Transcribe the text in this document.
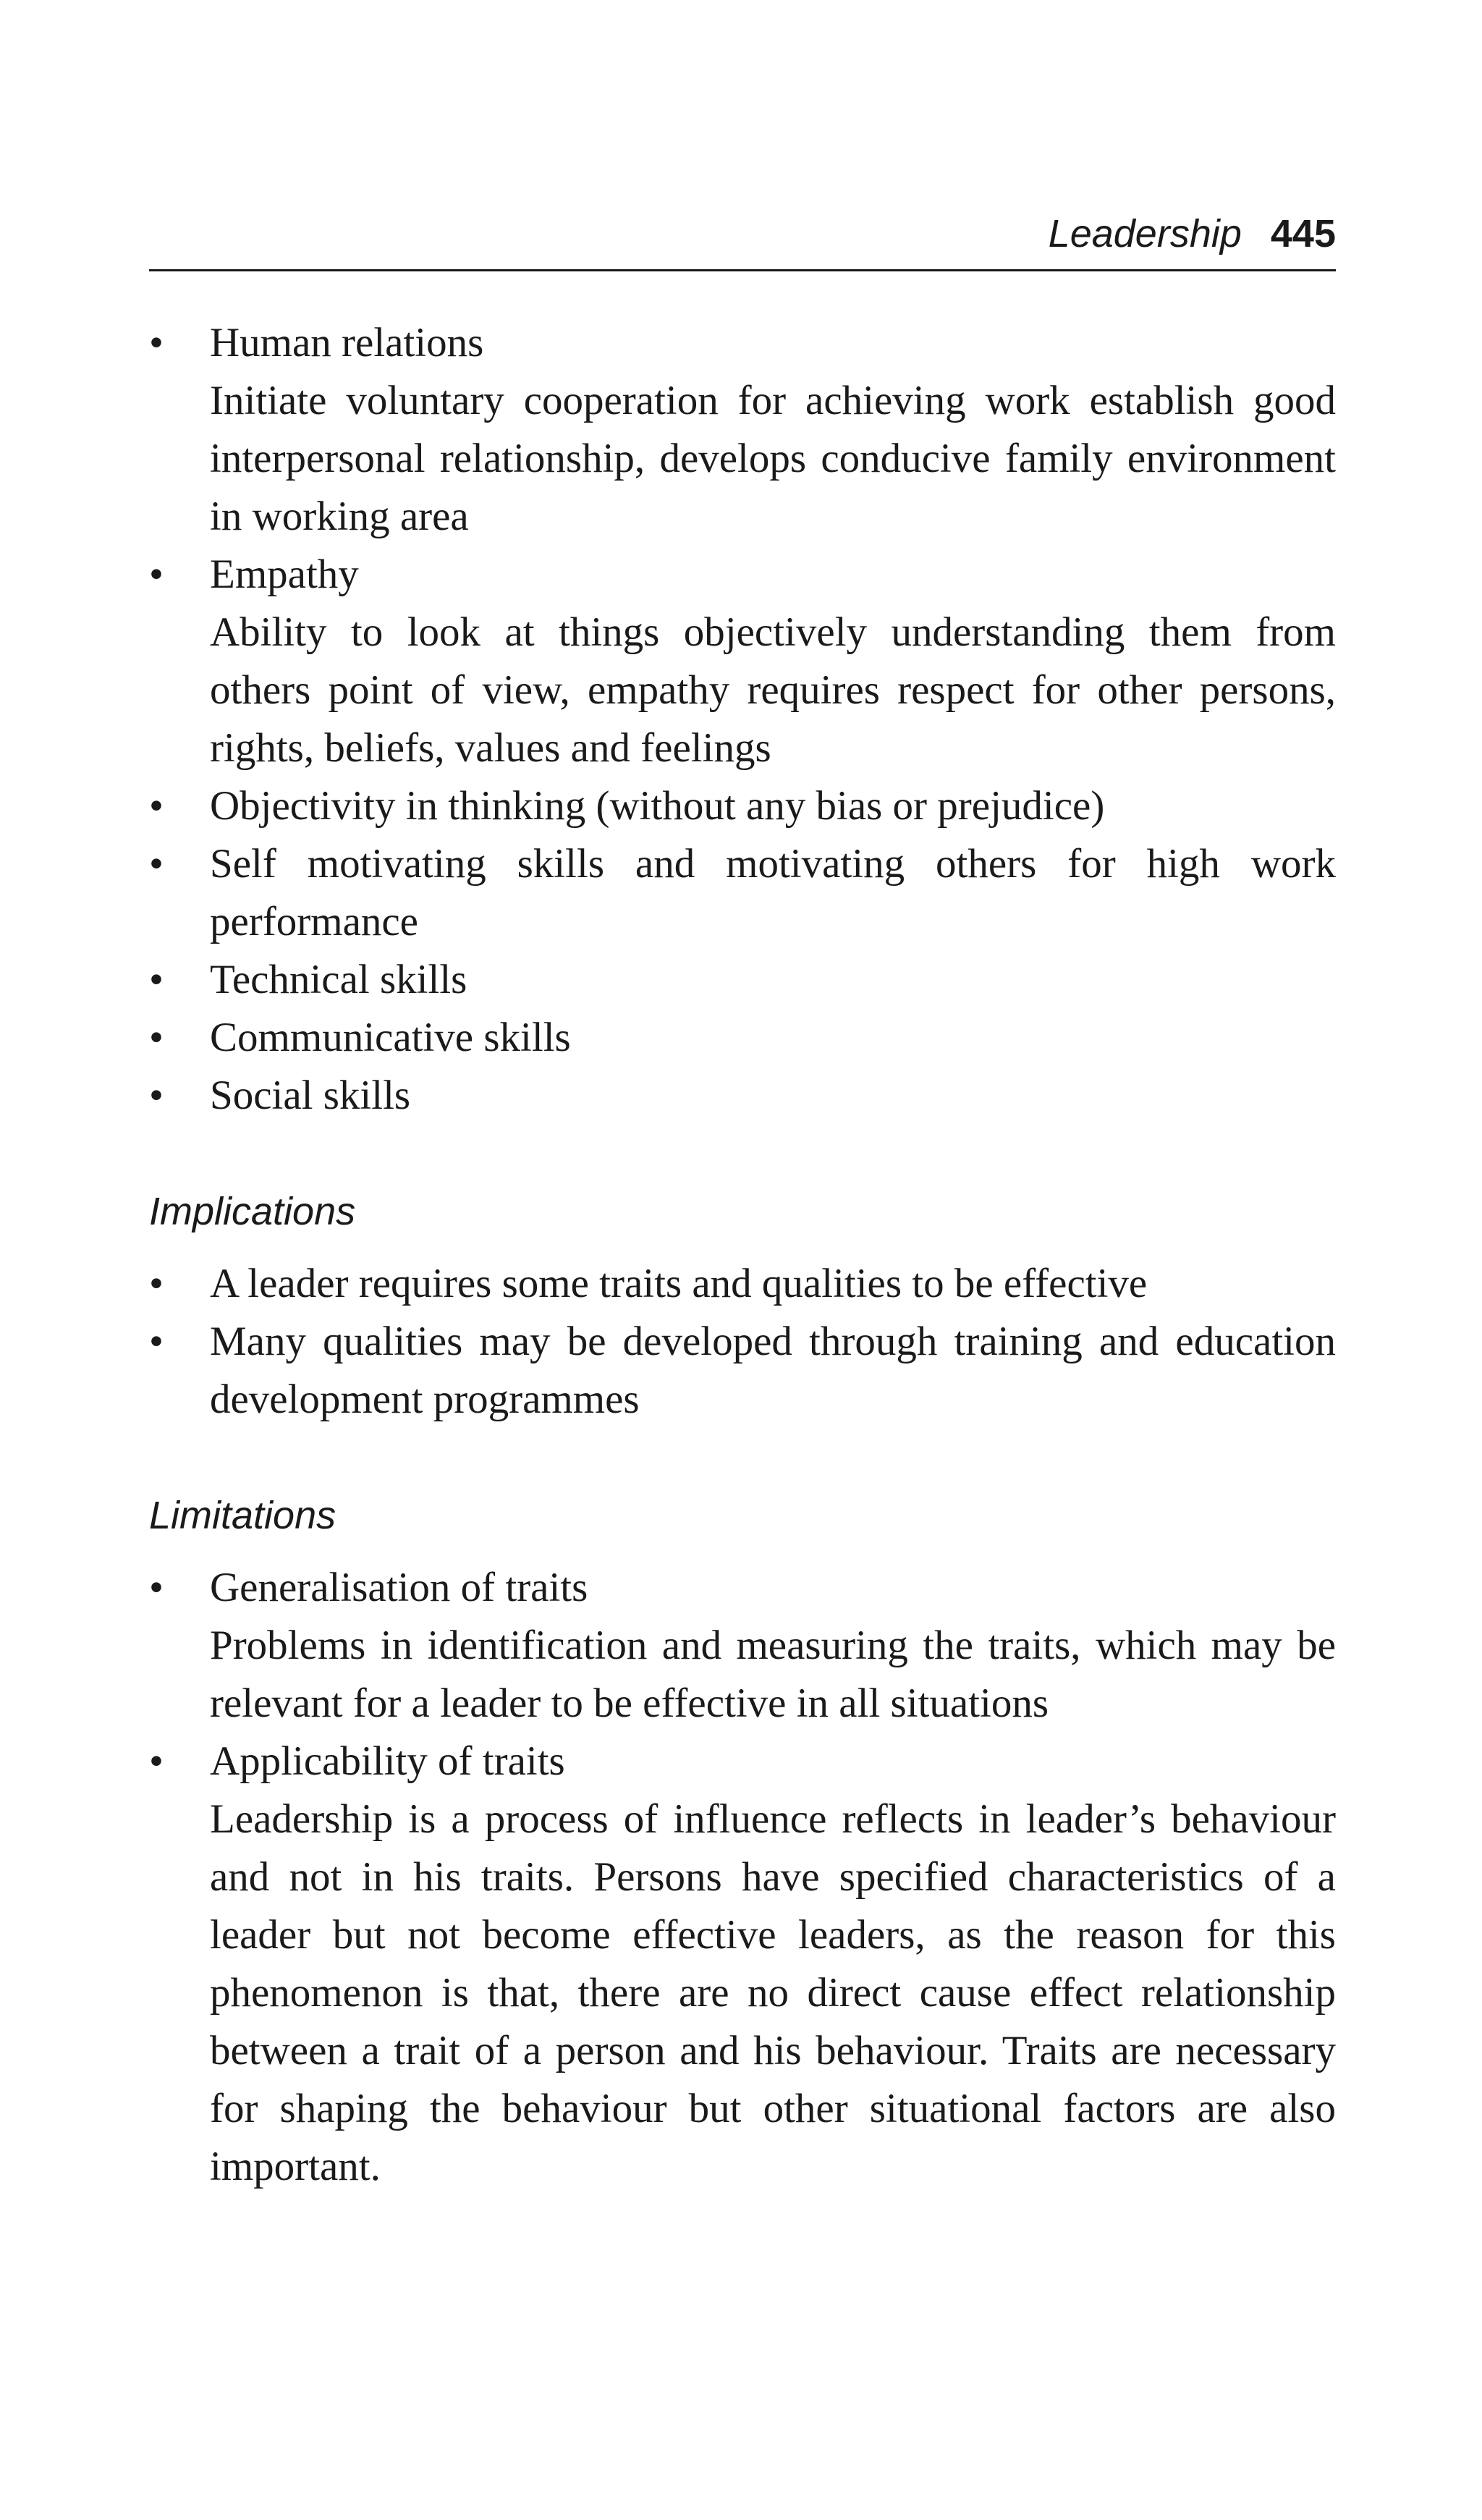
Leadership 445
•	Human relations
Initiate voluntary cooperation for achieving work establish good interpersonal relationship, develops conducive family environment in working area
•	Empathy
Ability to look at things objectively understanding them from others point of view, empathy requires respect for other persons, rights, beliefs, values and feelings
•	Objectivity in thinking (without any bias or prejudice)
•	Self motivating skills and motivating others for high work performance
•	Technical skills
•	Communicative skills
•	Social skills
Implications
•	A leader requires some traits and qualities to be effective
•	Many qualities may be developed through training and education development programmes
Limitations
•	Generalisation of traits
Problems in identification and measuring the traits, which may be relevant for a leader to be effective in all situations
•	Applicability of traits
Leadership is a process of influence reflects in leader’s behaviour and not in his traits. Persons have specified characteristics of a leader but not become effective leaders, as the reason for this phenomenon is that, there are no direct cause effect relationship between a trait of a person and his behaviour. Traits are necessary for shaping the behaviour but other situational factors are also important.
